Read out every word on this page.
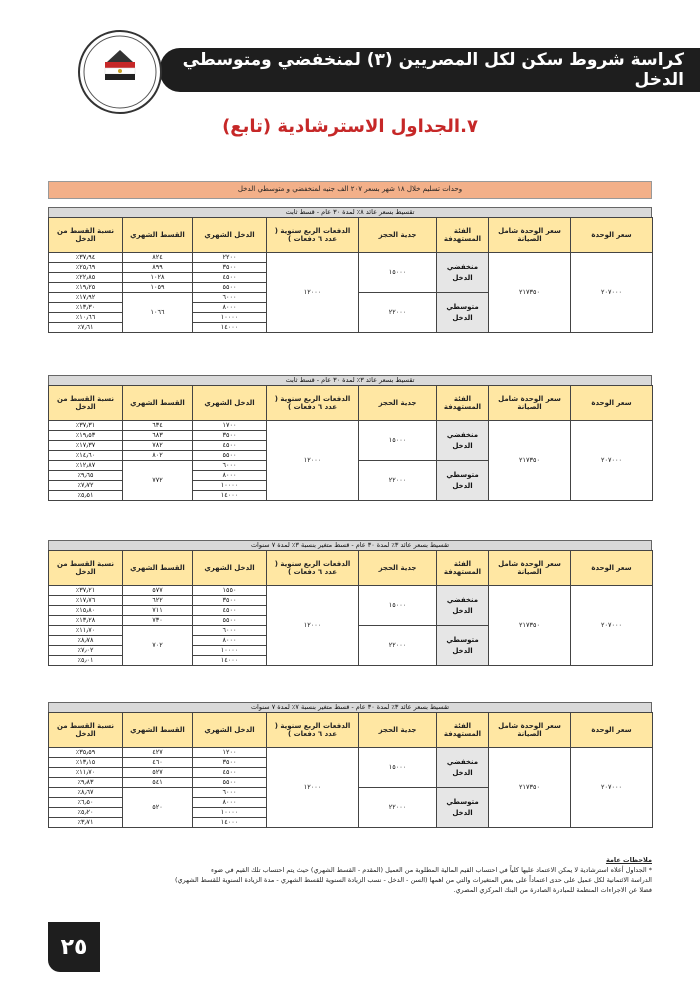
كراسة شروط سكن لكل المصريين (٣) لمنخفضي ومتوسطي الدخل
٧.الجداول الاسترشادية (تابع)
وحدات تسليم خلال ١٨ شهر بسعر ٢٠٧ الف جنيه لمنخفضي و متوسطي الدخل
تقسيط بسعر عائد ٨٪ لمدة ٣٠ عام - قسط ثابت
سعر الوحدة	سعر الوحدة شامل الصيانة	الفئة المستهدفة	جدية الحجز	الدفعات الربع سنوية ( عدد ٦ دفعات )	الدخل الشهري	القسط الشهري	نسبة القسط من الدخل
٢٠٧٠٠٠	٢١٧٣٥٠	منخفضي الدخل	١٥٠٠٠	١٢٠٠٠	٢٢٠٠	٨٢٤	٣٧٫٩٤٪
					٣٥٠٠	٨٩٩	٢٥٫٦٩٪
					٤٥٠٠	١٠٢٨	٢٢٫٨٥٪
					٥٥٠٠	١٠٥٩	١٩٫٢٥٪
		متوسطي الدخل	٢٢٠٠٠		٦٠٠٠	١٠٦٦	١٧٫٩٢٪
					٨٠٠٠		١٣٫٣٠٪
					١٠٠٠٠		١٠٫٦٦٪
					١٤٠٠٠		٧٫٦١٪
تقسيط بسعر عائد ٣٪ لمدة ٣٠ عام - قسط ثابت
سعر الوحدة	سعر الوحدة شامل الصيانة	الفئة المستهدفة	جدية الحجز	الدفعات الربع سنوية ( عدد ٦ دفعات )	الدخل الشهري	القسط الشهري	نسبة القسط من الدخل
٢٠٧٠٠٠	٢١٧٣٥٠	منخفضي الدخل	١٥٠٠٠	١٢٠٠٠	١٧٠٠	٦٣٤	٣٧٫٣١٪
					٣٥٠٠	٦٨٣	١٩٫٥٣٪
					٤٥٠٠	٧٨٢	١٧٫٣٧٪
					٥٥٠٠	٨٠٢	١٤٫٦٠٪
		متوسطي الدخل	٢٢٠٠٠		٦٠٠٠	٧٧٢	١٢٫٨٧٪
					٨٠٠٠		٩٫٦٥٪
					١٠٠٠٠		٧٫٧٢٪
					١٤٠٠٠		٥٫٥١٪
تقسيط بسعر عائد ٣٪ لمدة ٣٠ عام - قسط متغير بنسبة ٣٪ لمدة ٧ سنوات
سعر الوحدة	سعر الوحدة شامل الصيانة	الفئة المستهدفة	جدية الحجز	الدفعات الربع سنوية ( عدد ٦ دفعات )	الدخل الشهري	القسط الشهري	نسبة القسط من الدخل
٢٠٧٠٠٠	٢١٧٣٥٠	منخفضي الدخل	١٥٠٠٠	١٢٠٠٠	١٥٥٠	٥٧٧	٣٧٫٢١٪
					٣٥٠٠	٦٢٢	١٧٫٧٦٪
					٤٥٠٠	٧١١	١٥٫٨٠٪
					٥٥٠٠	٧٣٠	١٣٫٢٨٪
		متوسطي الدخل	٢٢٠٠٠		٦٠٠٠	٧٠٢	١١٫٧٠٪
					٨٠٠٠		٨٫٧٨٪
					١٠٠٠٠		٧٫٠٢٪
					١٤٠٠٠		٥٫٠١٪
تقسيط بسعر عائد ٣٪ لمدة ٣٠ عام - قسط متغير بنسبة ٧٪ لمدة ٧ سنوات
سعر الوحدة	سعر الوحدة شامل الصيانة	الفئة المستهدفة	جدية الحجز	الدفعات الربع سنوية ( عدد ٦ دفعات )	الدخل الشهري	القسط الشهري	نسبة القسط من الدخل
٢٠٧٠٠٠	٢١٧٣٥٠	منخفضي الدخل	١٥٠٠٠	١٢٠٠٠	١٢٠٠	٤٢٧	٣٥٫٥٩٪
					٣٥٠٠	٤٦٠	١٣٫١٥٪
					٤٥٠٠	٥٢٧	١١٫٧٠٪
					٥٥٠٠	٥٤١	٩٫٨٣٪
		متوسطي الدخل	٢٢٠٠٠		٦٠٠٠	٥٢٠	٨٫٦٧٪
					٨٠٠٠		٦٫٥٠٪
					١٠٠٠٠		٥٫٢٠٪
					١٤٠٠٠		٣٫٧١٪
ملاحظات عامة
* الجداول أعلاه استرشادية لا يمكن الاعتماد عليها كلياً في احتساب القيم المالية المطلوبة من العميل (المقدم - القسط الشهري) حيث يتم احتساب تلك القيم في ضوء
الدراسة الائتمانية لكل عميل على حدى اعتماداً على بعض المتغيرات والتي من اهمها (السن - الدخل - نسب الزيادة السنوية للقسط الشهري - مدة الزيادة السنوية للقسط الشهري)
فضلا عن الاجراءات المنظمة للمبادرة الصادرة من البنك المركزي المصري.
٢٥
